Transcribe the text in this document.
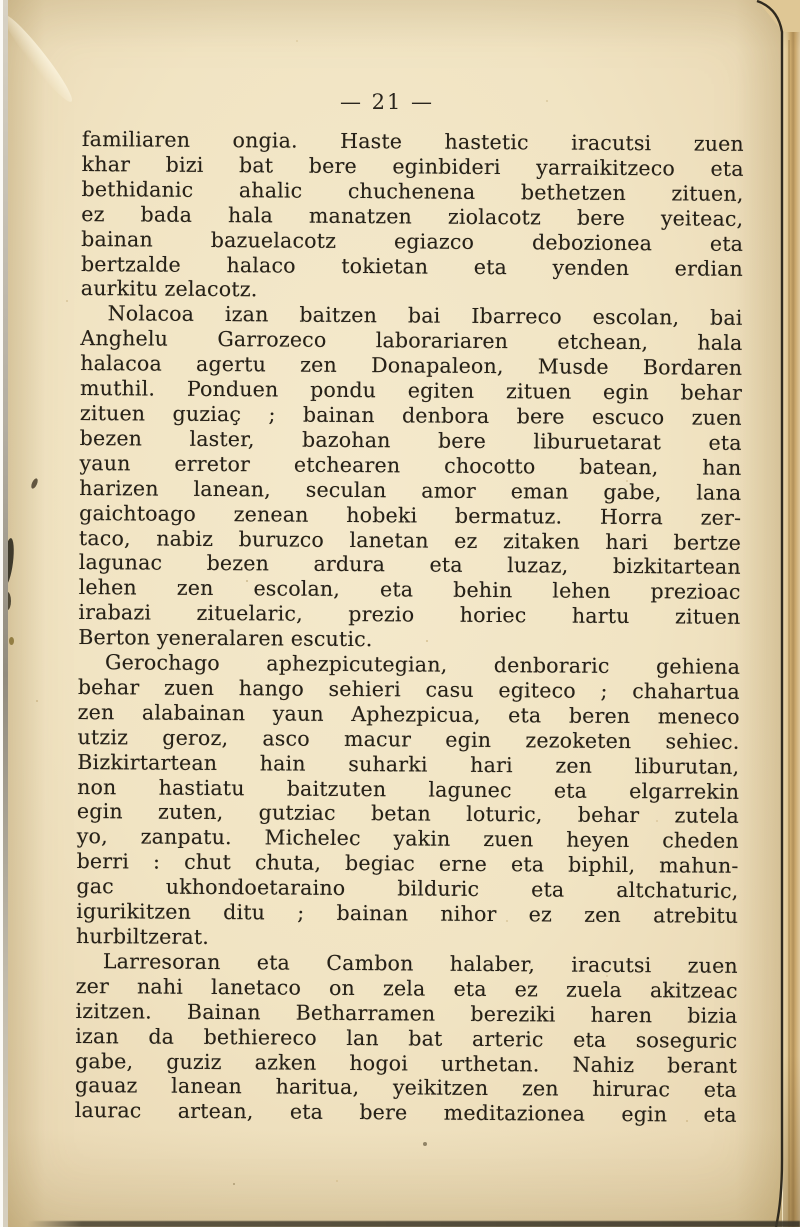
— 21 —
familiaren ongia. Haste hastetic iracutsi zuen
khar bizi bat bere eginbideri yarraikitzeco eta
bethidanic ahalic chuchenena bethetzen zituen,
ez bada hala manatzen ziolacotz bere yeiteac,
bainan bazuelacotz egiazco debozionea eta
bertzalde halaco tokietan eta yenden erdian
aurkitu zelacotz.
Nolacoa izan baitzen bai Ibarreco escolan, bai
Anghelu Garrozeco laborariaren etchean, hala
halacoa agertu zen Donapaleon, Musde Bordaren
muthil. Ponduen pondu egiten zituen egin behar
zituen guziaç ; bainan denbora bere escuco zuen
bezen laster, bazohan bere liburuetarat eta
yaun erretor etchearen chocotto batean, han
harizen lanean, seculan amor eman gabe, lana
gaichtoago zenean hobeki bermatuz. Horra zer-
taco, nabiz buruzco lanetan ez zitaken hari bertze
lagunac bezen ardura eta luzaz, bizkitartean
lehen zen escolan, eta behin lehen prezioac
irabazi zituelaric, prezio horiec hartu zituen
Berton yeneralaren escutic.
Gerochago aphezpicutegian, denboraric gehiena
behar zuen hango sehieri casu egiteco ; chahartua
zen alabainan yaun Aphezpicua, eta beren meneco
utziz geroz, asco macur egin zezoketen sehiec.
Bizkirtartean hain suharki hari zen liburutan,
non hastiatu baitzuten lagunec eta elgarrekin
egin zuten, gutziac betan loturic, behar zutela
yo, zanpatu. Michelec yakin zuen heyen cheden
berri : chut chuta, begiac erne eta biphil, mahun-
gac ukhondoetaraino bilduric eta altchaturic,
igurikitzen ditu ; bainan nihor ez zen atrebitu
hurbiltzerat.
Larresoran eta Cambon halaber, iracutsi zuen
zer nahi lanetaco on zela eta ez zuela akitzeac
izitzen. Bainan Betharramen bereziki haren bizia
izan da bethiereco lan bat arteric eta soseguric
gabe, guziz azken hogoi urthetan. Nahiz berant
gauaz lanean haritua, yeikitzen zen hirurac eta
laurac artean, eta bere meditazionea egin eta
